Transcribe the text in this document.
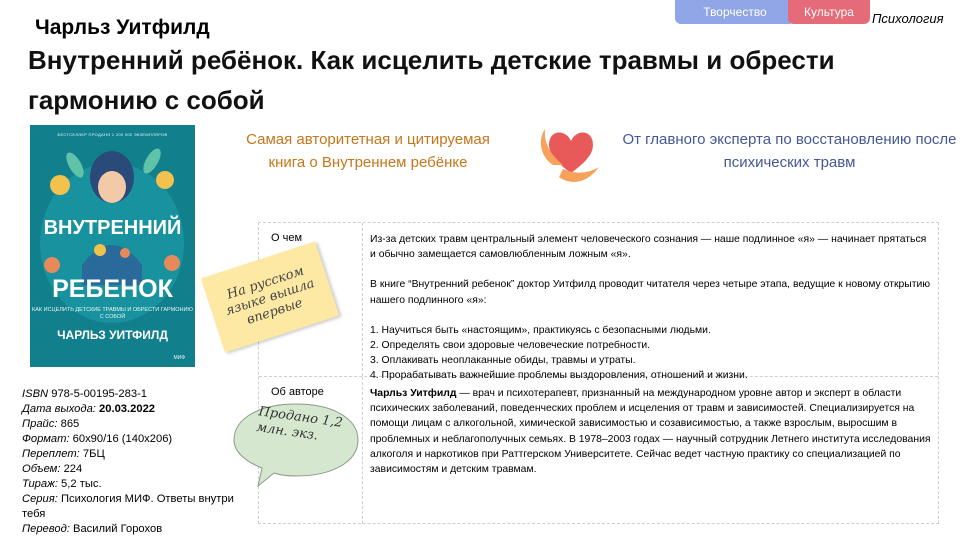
Творчество	Культура Психология
Чарльз Уитфилд
Внутренний ребёнок. Как исцелить детские травмы и обрести гармонию с собой
БЕСТСЕЛЛЕР ПРОДАНО 1 200 000 ЭКЗЕМПЛЯРОВ
ВНУТРЕННИЙ
РЕБЕНОК
КАК ИСЦЕЛИТЬ ДЕТСКИЕ ТРАВМЫ И ОБРЕСТИ ГАРМОНИЮ С СОБОЙ
ЧАРЛЬЗ УИТФИЛД
МИФ
Самая авторитетная и цитируемая книга о Внутреннем ребёнке
От главного эксперта по восстановлению после психических травм
О чем	Из-за детских травм центральный элемент человеческого сознания — наше подлинное «я» — начинает прятаться и обычно замещается самовлюбленным ложным «я».

В книге “Внутренний ребенок” доктор Уитфилд проводит читателя через четыре этапа, ведущие к новому открытию нашего подлинного «я»:

1. Научиться быть «настоящим», практикуясь с безопасными людьми.

2. Определять свои здоровые человеческие потребности.

3. Оплакивать неоплаканные обиды, травмы и утраты.

4. Прорабатывать важнейшие проблемы выздоровления, отношений и жизни.

Об авторе	Чарльз Уитфилд — врач и психотерапевт, признанный на международном уровне автор и эксперт в области психических заболеваний, поведенческих проблем и исцеления от травм и зависимостей. Специализируется на помощи лицам с алкогольной, химической зависимостью и созависимостью, а также взрослым, выросшим в проблемных и неблагополучных семьях. В 1978–2003 годах — научный сотрудник Летнего института исследования алкоголя и наркотиков при Раттгерском Университете. Сейчас ведет частную практику со специализацией по зависимостям и детским травмам.
На русском языке вышла впервые
Продано 1,2 млн. экз.
ISBN 978-5-00195-283-1
Дата выхода: 20.03.2022
Прайс: 865
Формат: 60х90/16 (140х206)
Переплет: 7БЦ
Объем: 224
Тираж: 5,2 тыс.
Серия: Психология МИФ. Ответы внутри тебя
Перевод: Василий Горохов
